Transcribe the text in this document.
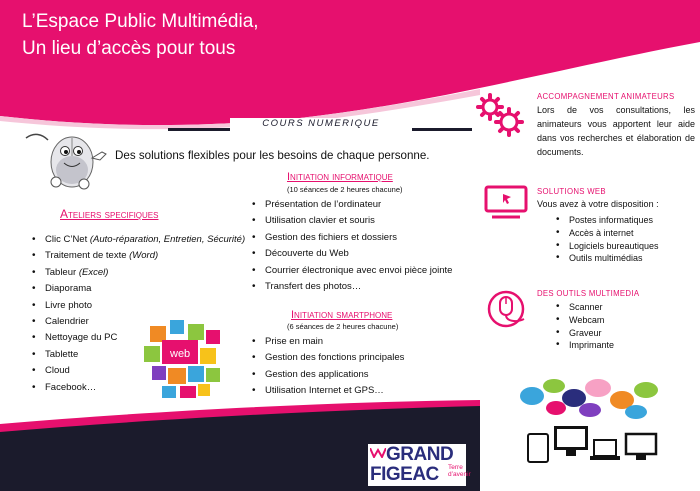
L’Espace Public Multimédia,
Un lieu d’accès pour tous
COURS NUMERIQUE
Des solutions flexibles pour les besoins de chaque personne.
Ateliers specifiques
• Clic C’Net (Auto-réparation, Entretien, Sécurité)
• Traitement de texte (Word)
• Tableur (Excel)
• Diaporama
• Livre photo
• Calendrier
• Nettoyage du PC
• Tablette
• Cloud
• Facebook…
web
Initiation informatique
(10 séances de 2 heures chacune)
• Présentation de l’ordinateur
• Utilisation clavier et souris
• Gestion des fichiers et dossiers
• Découverte du Web
• Courrier électronique avec envoi pièce jointe
• Transfert des photos…
Initiation smartphone
(6 séances de 2 heures chacune)
• Prise en main
• Gestion des fonctions principales
• Gestion des applications
• Utilisation Internet et GPS…
GRAND
FIGEAC Terre
d’avenir
ACCOMPAGNEMENT ANIMATEURS
Lors de vos consultations, les animateurs vous apportent leur aide dans vos recherches et élaboration de documents.
SOLUTIONS WEB
Vous avez à votre disposition :
• Postes informatiques
• Accès à internet
• Logiciels bureautiques
• Outils multimédias
DES OUTILS MULTIMEDIA
• Scanner
• Webcam
• Graveur
• Imprimante
